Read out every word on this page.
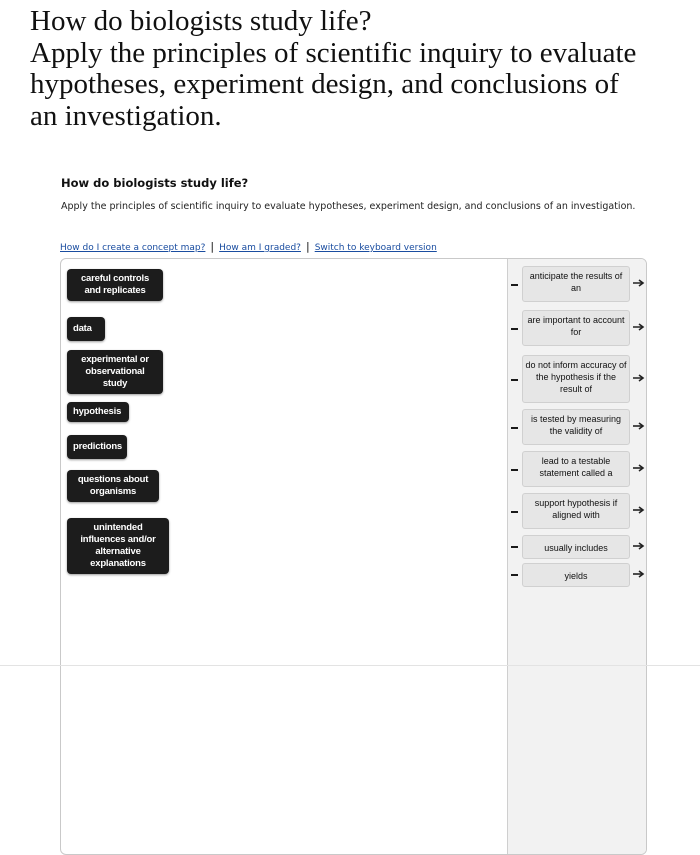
How do biologists study life?
Apply the principles of scientific inquiry to evaluate
hypotheses, experiment design, and conclusions of
an investigation.
How do biologists study life?
Apply the principles of scientific inquiry to evaluate hypotheses, experiment design, and conclusions of an investigation.
How do I create a concept map? | How am I graded? | Switch to keyboard version
careful controls and replicates
data
experimental or observational study
hypothesis
predictions
questions about organisms
unintended influences and/or alternative explanations
anticipate the results of an
are important to account for
do not inform accuracy of the hypothesis if the result of
is tested by measuring the validity of
lead to a testable statement called a
support hypothesis if aligned with
usually includes
yields
